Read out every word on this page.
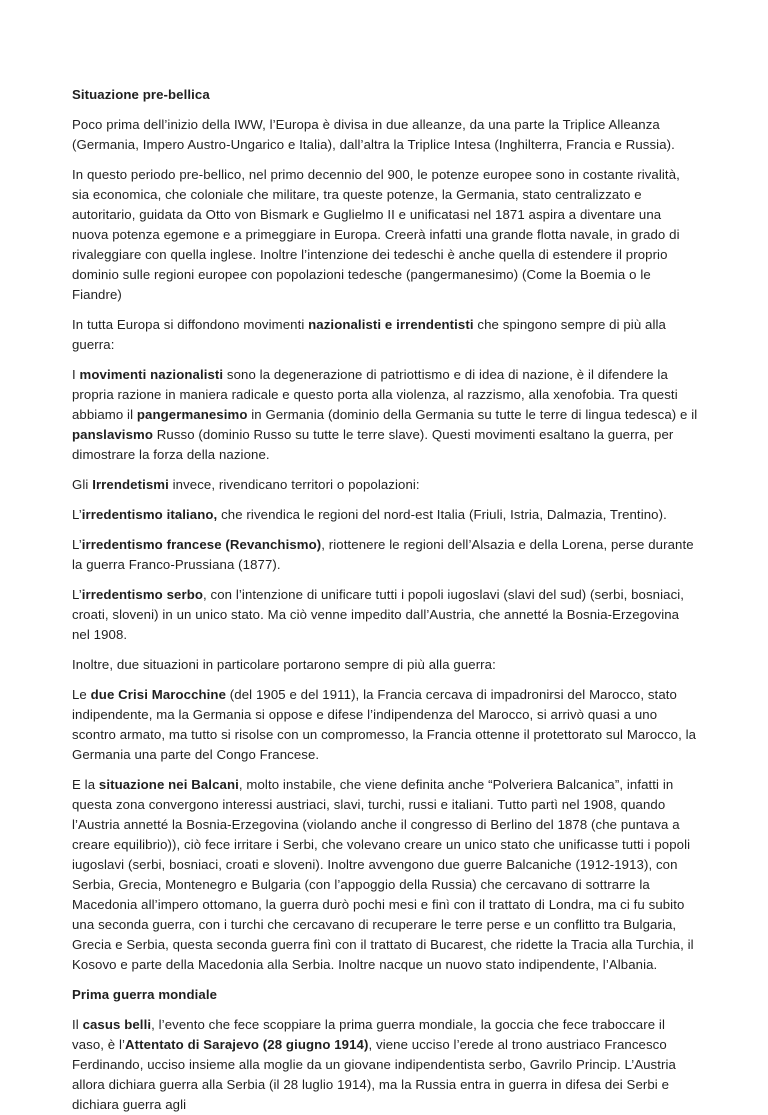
Situazione pre-bellica

Poco prima dell’inizio della IWW, l’Europa è divisa in due alleanze, da una parte la Triplice Alleanza (Germania, Impero Austro-Ungarico e Italia), dall’altra la Triplice Intesa (Inghilterra, Francia e Russia).

In questo periodo pre-bellico, nel primo decennio del 900, le potenze europee sono in costante rivalità, sia economica, che coloniale che militare, tra queste potenze, la Germania, stato centralizzato e autoritario, guidata da Otto von Bismark e Guglielmo II e unificatasi nel 1871 aspira a diventare una nuova potenza egemone e a primeggiare in Europa. Creerà infatti una grande flotta navale, in grado di rivaleggiare con quella inglese. Inoltre l’intenzione dei tedeschi è anche quella di estendere il proprio dominio sulle regioni europee con popolazioni tedesche (pangermanesimo) (Come la Boemia o le Fiandre)

In tutta Europa si diffondono movimenti nazionalisti e irrendentisti che spingono sempre di più alla guerra:

I movimenti nazionalisti sono la degenerazione di patriottismo e di idea di nazione, è il difendere la propria razione in maniera radicale e questo porta alla violenza, al razzismo, alla xenofobia. Tra questi abbiamo il pangermanesimo in Germania (dominio della Germania su tutte le terre di lingua tedesca) e il panslavismo Russo (dominio Russo su tutte le terre slave). Questi movimenti esaltano la guerra, per dimostrare la forza della nazione.

Gli Irrendetismi invece, rivendicano territori o popolazioni:

L’irredentismo italiano, che rivendica le regioni del nord-est Italia (Friuli, Istria, Dalmazia, Trentino).

L’irredentismo francese (Revanchismo), riottenere le regioni dell’Alsazia e della Lorena, perse durante la guerra Franco-Prussiana (1877).

L’irredentismo serbo, con l’intenzione di unificare tutti i popoli iugoslavi (slavi del sud) (serbi, bosniaci, croati, sloveni) in un unico stato. Ma ciò venne impedito dall’Austria, che annetté la Bosnia-Erzegovina nel 1908.

Inoltre, due situazioni in particolare portarono sempre di più alla guerra:

Le due Crisi Marocchine (del 1905 e del 1911), la Francia cercava di impadronirsi del Marocco, stato indipendente, ma la Germania si oppose e difese l’indipendenza del Marocco, si arrivò quasi a uno scontro armato, ma tutto si risolse con un compromesso, la Francia ottenne il protettorato sul Marocco, la Germania una parte del Congo Francese.

E la situazione nei Balcani, molto instabile, che viene definita anche “Polveriera Balcanica”, infatti in questa zona convergono interessi austriaci, slavi, turchi, russi e italiani. Tutto partì nel 1908, quando l’Austria annetté la Bosnia-Erzegovina (violando anche il congresso di Berlino del 1878 (che puntava a creare equilibrio)), ciò fece irritare i Serbi, che volevano creare un unico stato che unificasse tutti i popoli iugoslavi (serbi, bosniaci, croati e sloveni). Inoltre avvengono due guerre Balcaniche (1912-1913), con Serbia, Grecia, Montenegro e Bulgaria (con l’appoggio della Russia) che cercavano di sottrarre la Macedonia all’impero ottomano, la guerra durò pochi mesi e finì con il trattato di Londra, ma ci fu subito una seconda guerra, con i turchi che cercavano di recuperare le terre perse e un conflitto tra Bulgaria, Grecia e Serbia, questa seconda guerra finì con il trattato di Bucarest, che ridette la Tracia alla Turchia, il Kosovo e parte della Macedonia alla Serbia. Inoltre nacque un nuovo stato indipendente, l’Albania.

Prima guerra mondiale

Il casus belli, l’evento che fece scoppiare la prima guerra mondiale, la goccia che fece traboccare il vaso, è l’Attentato di Sarajevo (28 giugno 1914), viene ucciso l’erede al trono austriaco Francesco Ferdinando, ucciso insieme alla moglie da un giovane indipendentista serbo, Gavrilo Princip. L’Austria allora dichiara guerra alla Serbia (il 28 luglio 1914), ma la Russia entra in guerra in difesa dei Serbi e dichiara guerra agli
